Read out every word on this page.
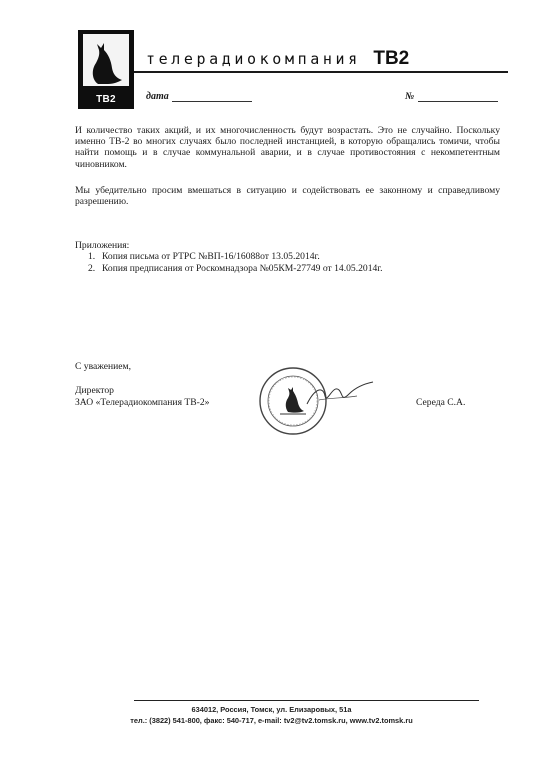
ТВ2
телерадиокомпания ТВ2
дата	№
И количество таких акций, и их многочисленность будут возрастать. Это не случайно. Поскольку именно ТВ-2 во многих случаях было последней инстанцией, в которую обращались томичи, чтобы найти помощь и в случае коммунальной аварии, и в случае противостояния с некомпетентным чиновником.
Мы убедительно просим вмешаться в ситуацию и содействовать ее законному и справедливому разрешению.
Приложения:
1. Копия письма от РТРС №ВП-16/16088от 13.05.2014г.
2. Копия предписания от Роскомнадзора №05КМ-27749 от 14.05.2014г.
С уважением,
Директор
ЗАО «Телерадиокомпания ТВ-2»	Середа С.А.
634012, Россия, Томск, ул. Елизаровых, 51а
тел.: (3822) 541-800, факс: 540-717, e-mail: tv2@tv2.tomsk.ru, www.tv2.tomsk.ru
